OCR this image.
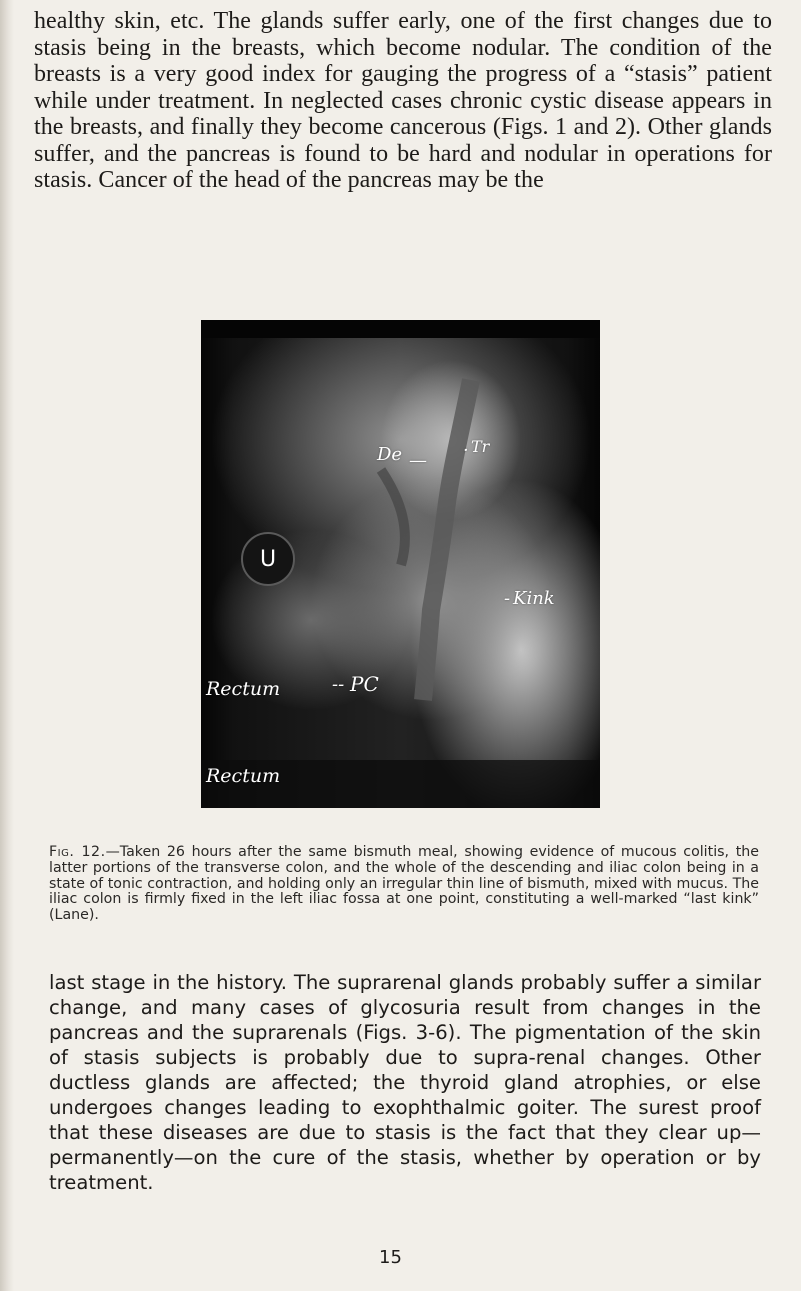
healthy skin, etc. The glands suffer early, one of the first changes due to stasis being in the breasts, which become nodular. The condition of the breasts is a very good index for gauging the progress of a “stasis” patient while under treatment. In neglected cases chronic cystic disease appears in the breasts, and finally they become cancerous (Figs. 1 and 2). Other glands suffer, and the pancreas is found to be hard and nodular in operations for stasis. Cancer of the head of the pancreas may be the

De — · Tr
U
- Kink
Rectum	-- PC
Rectum

Fig. 12.—Taken 26 hours after the same bismuth meal, showing evidence of mucous colitis, the latter portions of the transverse colon, and the whole of the descending and iliac colon being in a state of tonic contraction, and holding only an irregular thin line of bismuth, mixed with mucus. The iliac colon is firmly fixed in the left iliac fossa at one point, constituting a well-marked “last kink” (Lane).

last stage in the history. The suprarenal glands probably suffer a similar change, and many cases of glycosuria result from changes in the pancreas and the suprarenals (Figs. 3-6). The pigmentation of the skin of stasis subjects is probably due to supra-renal changes. Other ductless glands are affected; the thyroid gland atrophies, or else undergoes changes leading to exophthalmic goiter. The surest proof that these diseases are due to stasis is the fact that they clear up—permanently—on the cure of the stasis, whether by operation or by treatment.

15
